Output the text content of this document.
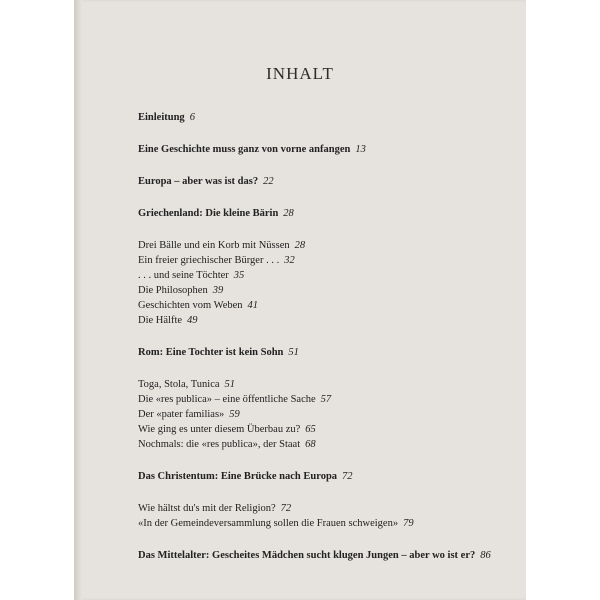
INHALT
Einleitung 6
Eine Geschichte muss ganz von vorne anfangen 13
Europa – aber was ist das? 22
Griechenland: Die kleine Bärin 28
Drei Bälle und ein Korb mit Nüssen 28
Ein freier griechischer Bürger . . . 32
. . . und seine Töchter 35
Die Philosophen 39
Geschichten vom Weben 41
Die Hälfte 49
Rom: Eine Tochter ist kein Sohn 51
Toga, Stola, Tunica 51
Die «res publica» – eine öffentliche Sache 57
Der «pater familias» 59
Wie ging es unter diesem Überbau zu? 65
Nochmals: die «res publica», der Staat 68
Das Christentum: Eine Brücke nach Europa 72
Wie hältst du's mit der Religion? 72
«In der Gemeindeversammlung sollen die Frauen schweigen» 79
Das Mittelalter: Gescheites Mädchen sucht klugen Jungen – aber wo ist er? 86
